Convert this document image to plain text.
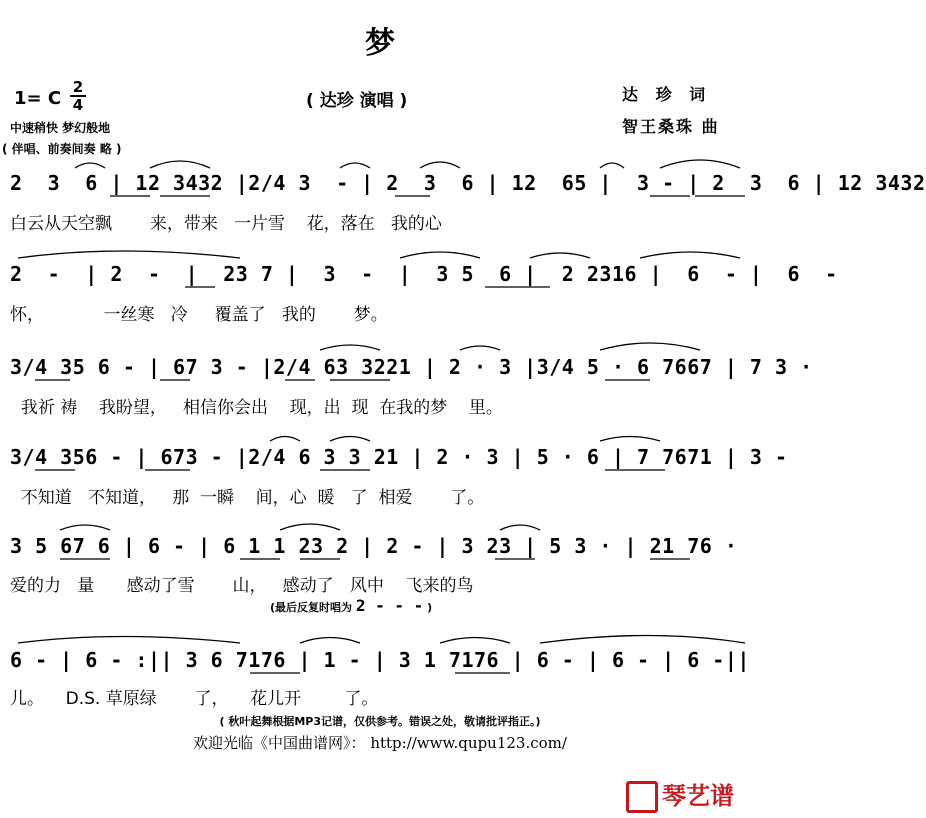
梦
1= C
2
4	( 达珍 演唱 )	达 珍 词
智王桑珠 曲
中速稍快 梦幻般地
( 伴唱、前奏间奏 略 )
2  3  6 | 12 3432 |2/4 3  - | 2  3  6 | 12  65 |  3 - | 2  3  6 | 12 3432
白云从天空飘       来，带来   一片雪    花，落在   我的心
2  -  | 2  -  |  23 7 |  3  -  |  3 5  6 |  2 2316 |  6  - |  6  -
怀，           一丝寒   冷     覆盖了   我的       梦。
3/4 35 6 - | 67 3 - |2/4 63 3221 | 2 · 3 |3/4 5 · 6 7667 | 7 3 ·
我祈 祷    我盼望，   相信你会出    现，出  现  在我的梦    里。
3/4 356 - | 673 - |2/4 6 3 3 21 | 2 · 3 | 5 · 6 | 7 7671 | 3 -
不知道   不知道，   那  一瞬    间，心  暖   了  相爱       了。
3 5 67 6 | 6 - | 6 1 1 23 2 | 2 - | 3 23 | 5 3 · | 21 76 ·
爱的力   量      感动了雪       山，   感动了   风中    飞来的鸟
(最后反复时唱为 2 - - - )
6 - | 6 - :|| 3 6 7176 | 1 - | 3 1 7176 | 6 - | 6 - | 6 -||
儿。    D.S. 草原绿       了，    花儿开        了。
( 秋叶起舞根据MP3记谱，仅供参考。错误之处，敬请批评指正。)
欢迎光临《中国曲谱网》： http://www.qupu123.com/
琴艺谱
